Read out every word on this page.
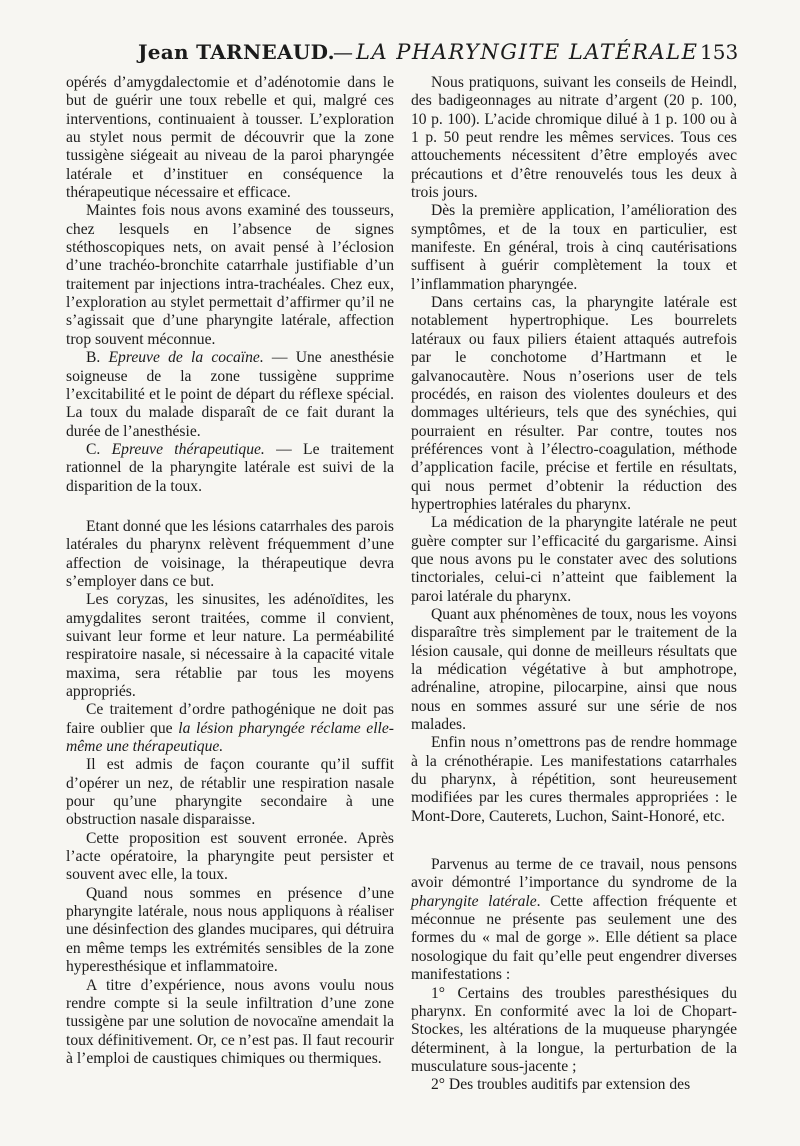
Jean TARNEAUD.
— LA PHARYNGITE LATÉRALE 153

opérés d’amygdalectomie et d’adénotomie dans le but de guérir une toux rebelle et qui, malgré ces interventions, continuaient à tousser. L’exploration au stylet nous permit de découvrir que la zone tussigène siégeait au niveau de la paroi pharyngée latérale et d’instituer en conséquence la thérapeutique nécessaire et efficace.

Maintes fois nous avons examiné des tousseurs, chez lesquels en l’absence de signes stéthoscopiques nets, on avait pensé à l’éclosion d’une trachéo-bronchite catarrhale justifiable d’un traitement par injections intra-trachéales. Chez eux, l’exploration au stylet permettait d’affirmer qu’il ne s’agissait que d’une pharyngite latérale, affection trop souvent méconnue.

B. Epreuve de la cocaïne. — Une anesthésie soigneuse de la zone tussigène supprime l’excitabilité et le point de départ du réflexe spécial. La toux du malade disparaît de ce fait durant la durée de l’anesthésie.

C. Epreuve thérapeutique. — Le traitement rationnel de la pharyngite latérale est suivi de la disparition de la toux.

Etant donné que les lésions catarrhales des parois latérales du pharynx relèvent fréquemment d’une affection de voisinage, la thérapeutique devra s’employer dans ce but.

Les coryzas, les sinusites, les adénoïdites, les amygdalites seront traitées, comme il convient, suivant leur forme et leur nature. La perméabilité respiratoire nasale, si nécessaire à la capacité vitale maxima, sera rétablie par tous les moyens appropriés.

Ce traitement d’ordre pathogénique ne doit pas faire oublier que la lésion pharyngée réclame elle-même une thérapeutique.

Il est admis de façon courante qu’il suffit d’opérer un nez, de rétablir une respiration nasale pour qu’une pharyngite secondaire à une obstruction nasale disparaisse.

Cette proposition est souvent erronée. Après l’acte opératoire, la pharyngite peut persister et souvent avec elle, la toux.

Quand nous sommes en présence d’une pharyngite latérale, nous nous appliquons à réaliser une désinfection des glandes mucipares, qui détruira en même temps les extrémités sensibles de la zone hyperesthésique et inflammatoire.

A titre d’expérience, nous avons voulu nous rendre compte si la seule infiltration d’une zone tussigène par une solution de novocaïne amendait la toux définitivement. Or, ce n’est pas. Il faut recourir à l’emploi de caustiques chimiques ou thermiques.

Nous pratiquons, suivant les conseils de Heindl, des badigeonnages au nitrate d’argent (20 p. 100, 10 p. 100). L’acide chromique dilué à 1 p. 100 ou à 1 p. 50 peut rendre les mêmes services. Tous ces attouchements nécessitent d’être employés avec précautions et d’être renouvelés tous les deux à trois jours.

Dès la première application, l’amélioration des symptômes, et de la toux en particulier, est manifeste. En général, trois à cinq cautérisations suffisent à guérir complètement la toux et l’inflammation pharyngée.

Dans certains cas, la pharyngite latérale est notablement hypertrophique. Les bourrelets latéraux ou faux piliers étaient attaqués autrefois par le conchotome d’Hartmann et le galvanocautère. Nous n’oserions user de tels procédés, en raison des violentes douleurs et des dommages ultérieurs, tels que des synéchies, qui pourraient en résulter. Par contre, toutes nos préférences vont à l’électro-coagulation, méthode d’application facile, précise et fertile en résultats, qui nous permet d’obtenir la réduction des hypertrophies latérales du pharynx.

La médication de la pharyngite latérale ne peut guère compter sur l’efficacité du gargarisme. Ainsi que nous avons pu le constater avec des solutions tinctoriales, celui-ci n’atteint que faiblement la paroi latérale du pharynx.

Quant aux phénomènes de toux, nous les voyons disparaître très simplement par le traitement de la lésion causale, qui donne de meilleurs résultats que la médication végétative à but amphotrope, adrénaline, atropine, pilocarpine, ainsi que nous nous en sommes assuré sur une série de nos malades.

Enfin nous n’omettrons pas de rendre hommage à la crénothérapie. Les manifestations catarrhales du pharynx, à répétition, sont heureusement modifiées par les cures thermales appropriées : le Mont-Dore, Cauterets, Luchon, Saint-Honoré, etc.

Parvenus au terme de ce travail, nous pensons avoir démontré l’importance du syndrome de la pharyngite latérale. Cette affection fréquente et méconnue ne présente pas seulement une des formes du « mal de gorge ». Elle détient sa place nosologique du fait qu’elle peut engendrer diverses manifestations :

1° Certains des troubles paresthésiques du pharynx. En conformité avec la loi de Chopart-Stockes, les altérations de la muqueuse pharyngée déterminent, à la longue, la perturbation de la musculature sous-jacente ;

2° Des troubles auditifs par extension des
